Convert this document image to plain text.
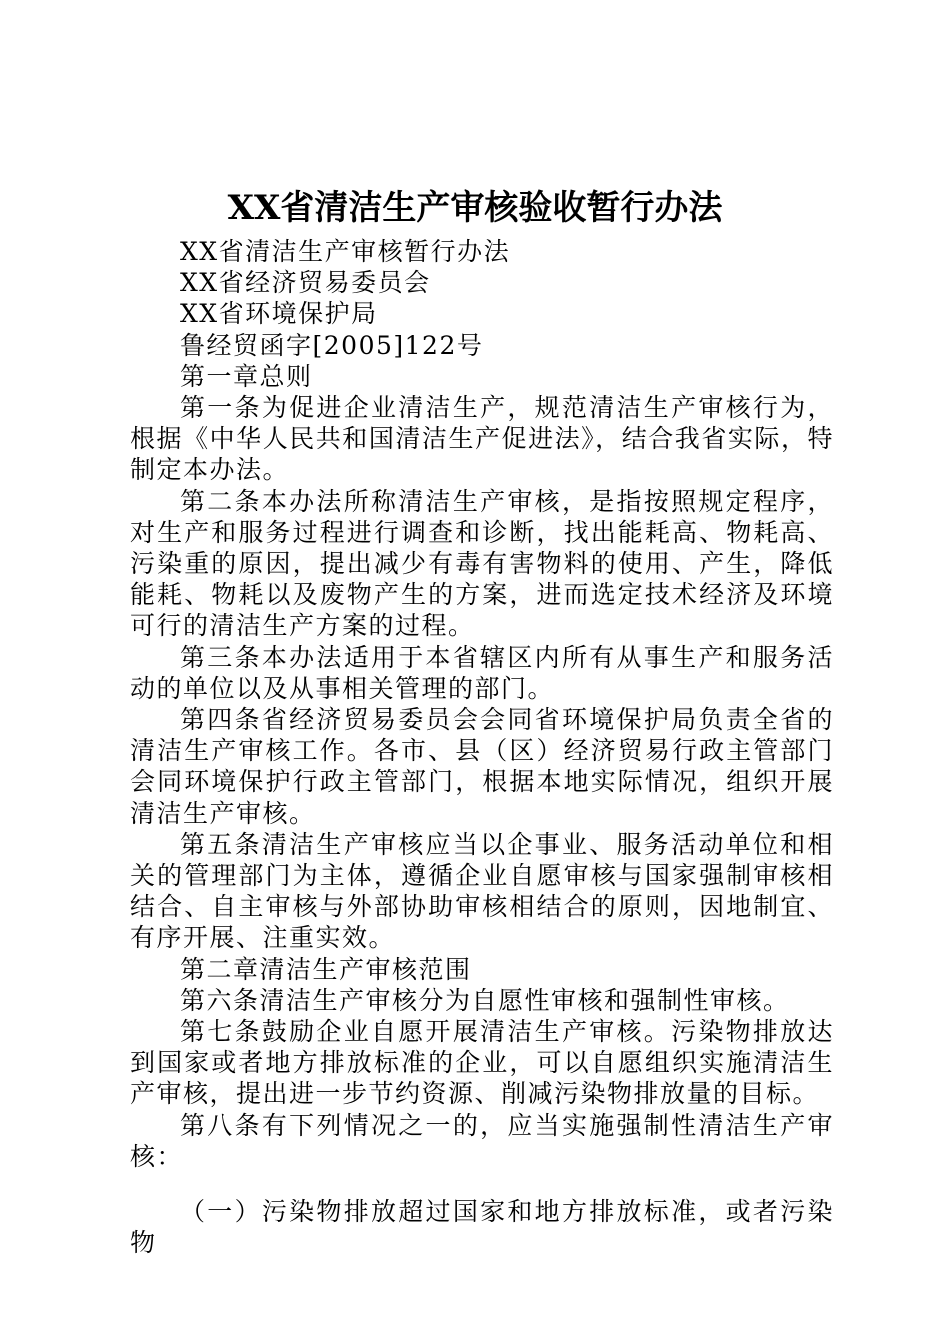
XX省清洁生产审核验收暂行办法

XX省清洁生产审核暂行办法

XX省经济贸易委员会

XX省环境保护局

鲁经贸函字[2005]122号

第一章总则

第一条为促进企业清洁生产，规范清洁生产审核行为，根据《中华人民共和国清洁生产促进法》，结合我省实际，特制定本办法。

第二条本办法所称清洁生产审核，是指按照规定程序，对生产和服务过程进行调查和诊断，找出能耗高、物耗高、污染重的原因，提出减少有毒有害物料的使用、产生，降低能耗、物耗以及废物产生的方案，进而选定技术经济及环境可行的清洁生产方案的过程。

第三条本办法适用于本省辖区内所有从事生产和服务活动的单位以及从事相关管理的部门。

第四条省经济贸易委员会会同省环境保护局负责全省的清洁生产审核工作。各市、县（区）经济贸易行政主管部门会同环境保护行政主管部门，根据本地实际情况，组织开展清洁生产审核。

第五条清洁生产审核应当以企事业、服务活动单位和相关的管理部门为主体，遵循企业自愿审核与国家强制审核相结合、自主审核与外部协助审核相结合的原则，因地制宜、有序开展、注重实效。

第二章清洁生产审核范围

第六条清洁生产审核分为自愿性审核和强制性审核。

第七条鼓励企业自愿开展清洁生产审核。污染物排放达到国家或者地方排放标准的企业，可以自愿组织实施清洁生产审核，提出进一步节约资源、削减污染物排放量的目标。

第八条有下列情况之一的，应当实施强制性清洁生产审核：

（一）污染物排放超过国家和地方排放标准，或者污染物
